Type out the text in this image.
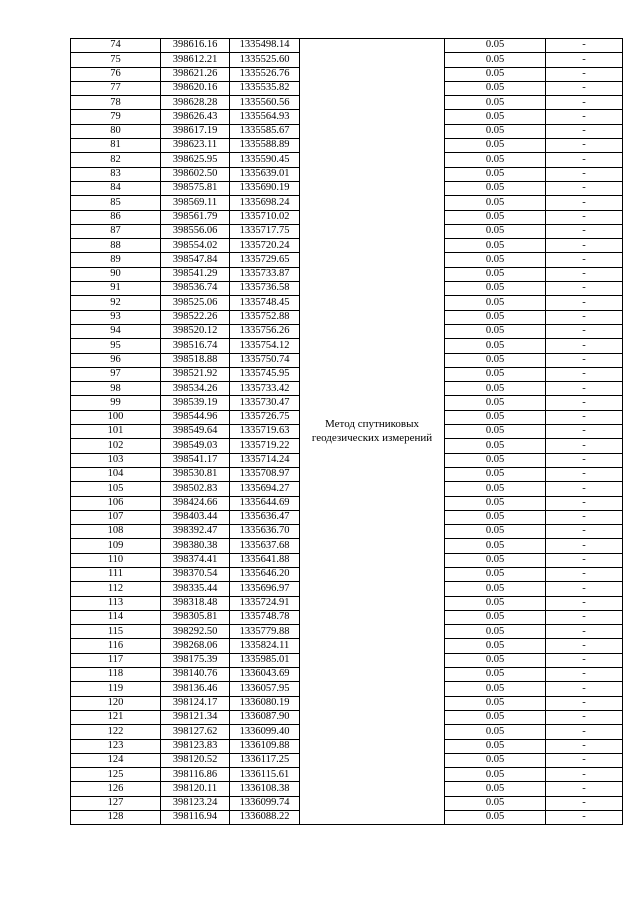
74	398616.16	1335498.14	Метод спутниковых геодезических измерений	0.05	-
75	398612.21	1335525.60		0.05	-
76	398621.26	1335526.76		0.05	-
77	398620.16	1335535.82		0.05	-
78	398628.28	1335560.56		0.05	-
79	398626.43	1335564.93		0.05	-
80	398617.19	1335585.67		0.05	-
81	398623.11	1335588.89		0.05	-
82	398625.95	1335590.45		0.05	-
83	398602.50	1335639.01		0.05	-
84	398575.81	1335690.19		0.05	-
85	398569.11	1335698.24		0.05	-
86	398561.79	1335710.02		0.05	-
87	398556.06	1335717.75		0.05	-
88	398554.02	1335720.24		0.05	-
89	398547.84	1335729.65		0.05	-
90	398541.29	1335733.87		0.05	-
91	398536.74	1335736.58		0.05	-
92	398525.06	1335748.45		0.05	-
93	398522.26	1335752.88		0.05	-
94	398520.12	1335756.26		0.05	-
95	398516.74	1335754.12		0.05	-
96	398518.88	1335750.74		0.05	-
97	398521.92	1335745.95		0.05	-
98	398534.26	1335733.42		0.05	-
99	398539.19	1335730.47		0.05	-
100	398544.96	1335726.75		0.05	-
101	398549.64	1335719.63		0.05	-
102	398549.03	1335719.22		0.05	-
103	398541.17	1335714.24		0.05	-
104	398530.81	1335708.97		0.05	-
105	398502.83	1335694.27		0.05	-
106	398424.66	1335644.69		0.05	-
107	398403.44	1335636.47		0.05	-
108	398392.47	1335636.70		0.05	-
109	398380.38	1335637.68		0.05	-
110	398374.41	1335641.88		0.05	-
111	398370.54	1335646.20		0.05	-
112	398335.44	1335696.97		0.05	-
113	398318.48	1335724.91		0.05	-
114	398305.81	1335748.78		0.05	-
115	398292.50	1335779.88		0.05	-
116	398268.06	1335824.11		0.05	-
117	398175.39	1335985.01		0.05	-
118	398140.76	1336043.69		0.05	-
119	398136.46	1336057.95		0.05	-
120	398124.17	1336080.19		0.05	-
121	398121.34	1336087.90		0.05	-
122	398127.62	1336099.40		0.05	-
123	398123.83	1336109.88		0.05	-
124	398120.52	1336117.25		0.05	-
125	398116.86	1336115.61		0.05	-
126	398120.11	1336108.38		0.05	-
127	398123.24	1336099.74		0.05	-
128	398116.94	1336088.22		0.05	-
